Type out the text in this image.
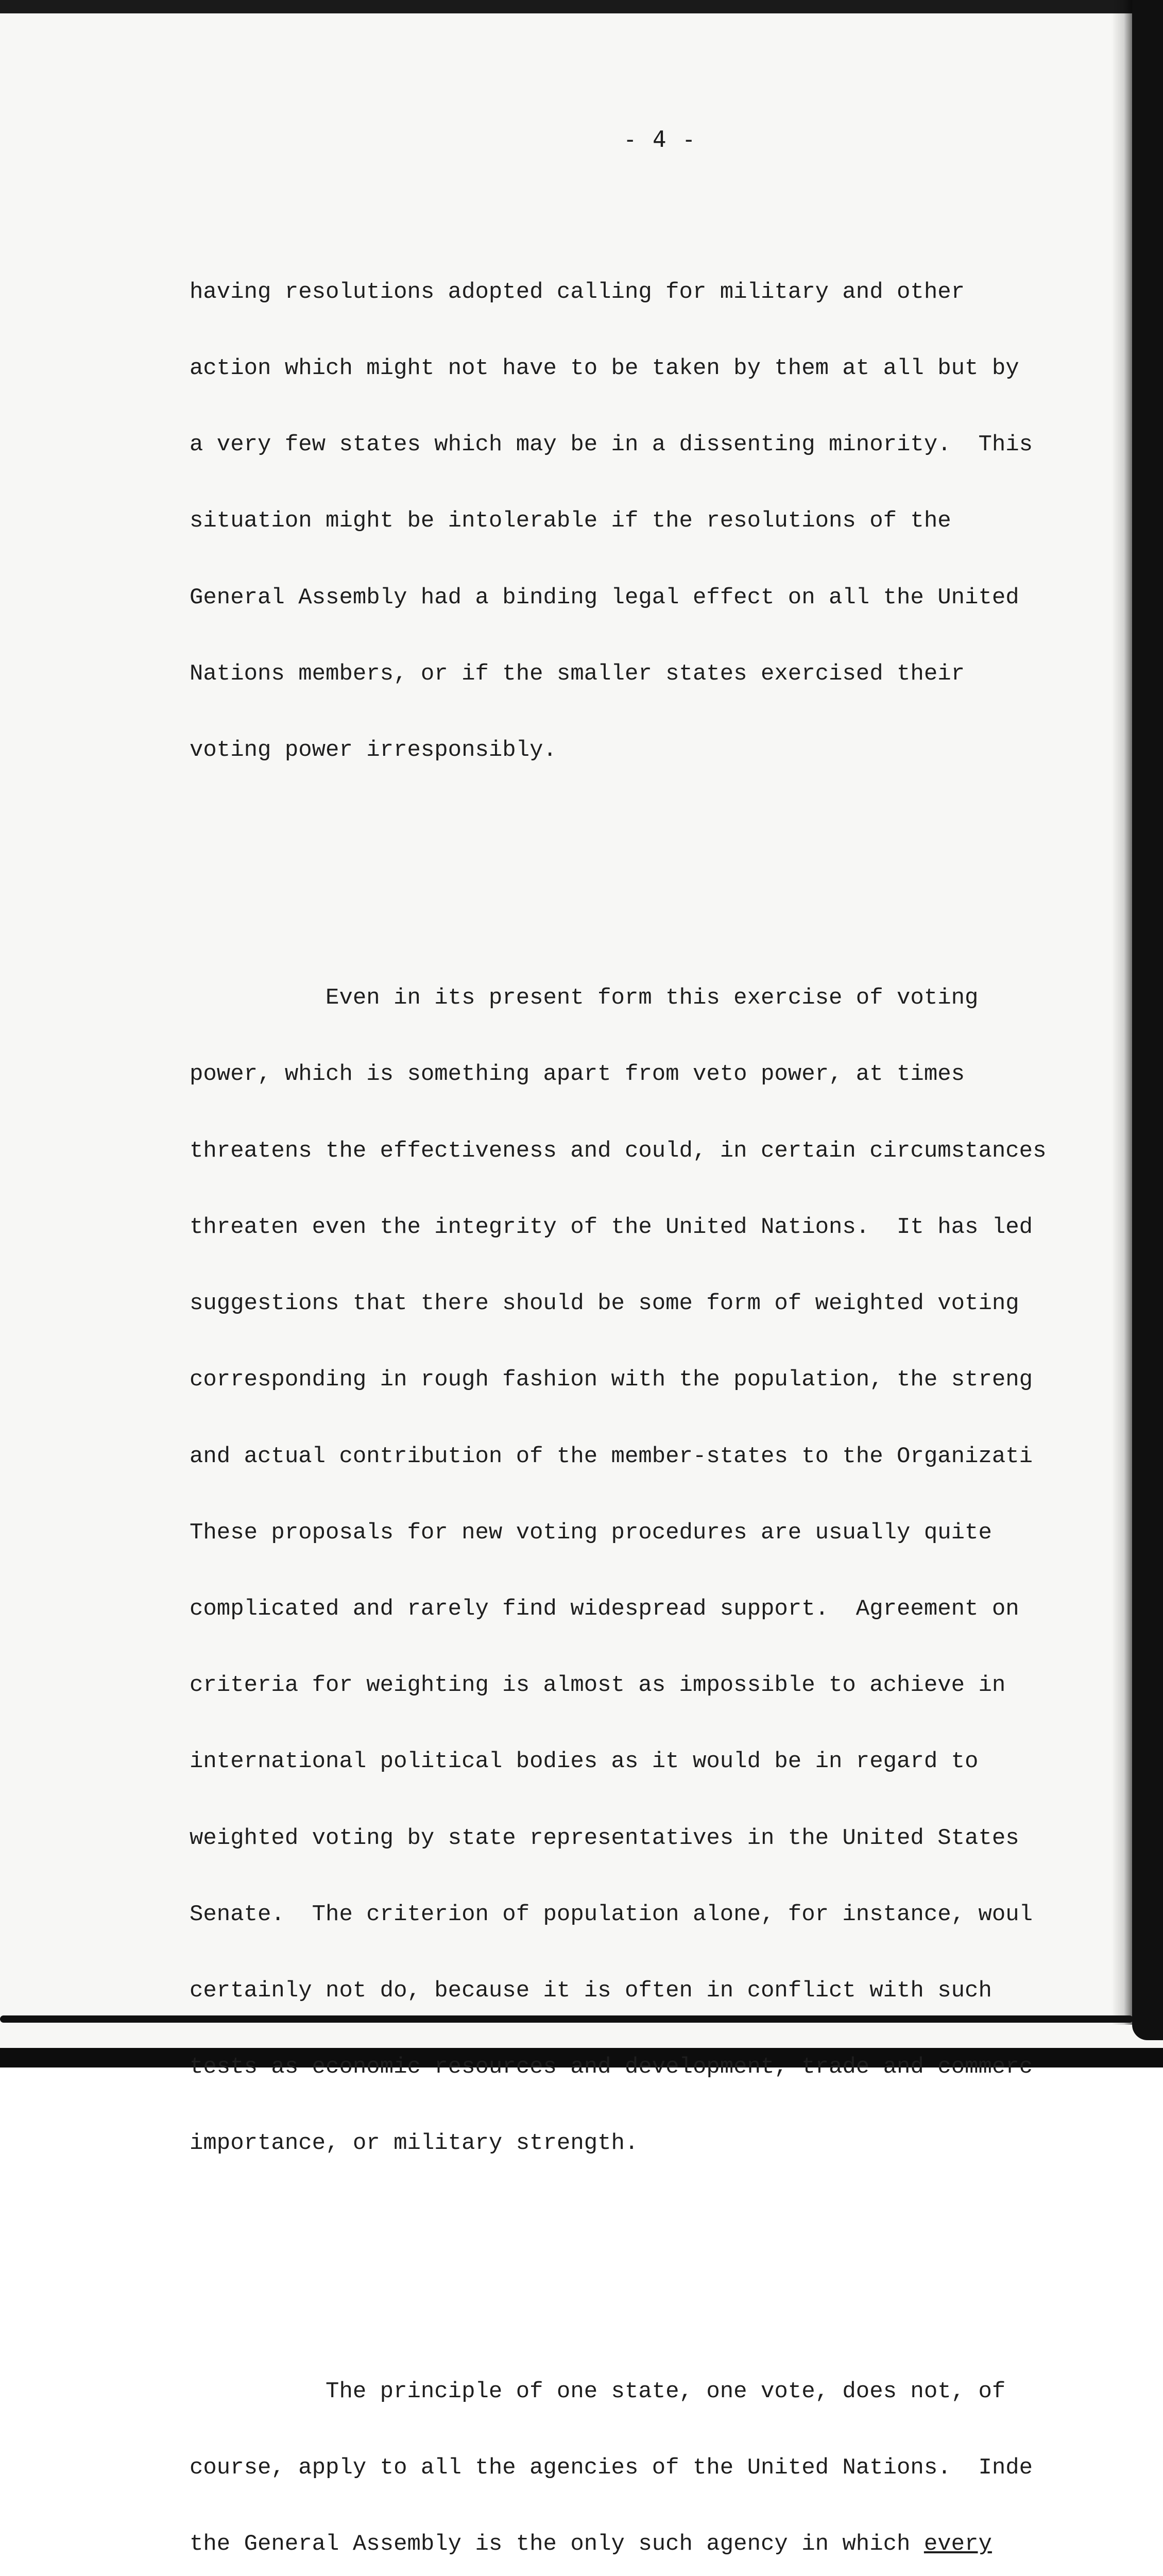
- 4 -

having resolutions adopted calling for military and other

action which might not have to be taken by them at all but by

a very few states which may be in a dissenting minority.  This

situation might be intolerable if the resolutions of the

General Assembly had a binding legal effect on all the United

Nations members, or if the smaller states exercised their

voting power irresponsibly.

Even in its present form this exercise of voting

power, which is something apart from veto power, at times

threatens the effectiveness and could, in certain circumstances

threaten even the integrity of the United Nations.  It has led

suggestions that there should be some form of weighted voting

corresponding in rough fashion with the population, the streng

and actual contribution of the member-states to the Organizati

These proposals for new voting procedures are usually quite

complicated and rarely find widespread support.  Agreement on

criteria for weighting is almost as impossible to achieve in

international political bodies as it would be in regard to

weighted voting by state representatives in the United States

Senate.  The criterion of population alone, for instance, woul

certainly not do, because it is often in conflict with such

tests as economic resources and development, trade and commerc

importance, or military strength.

The principle of one state, one vote, does not, of

course, apply to all the agencies of the United Nations.  Inde

the General Assembly is the only such agency in which every
